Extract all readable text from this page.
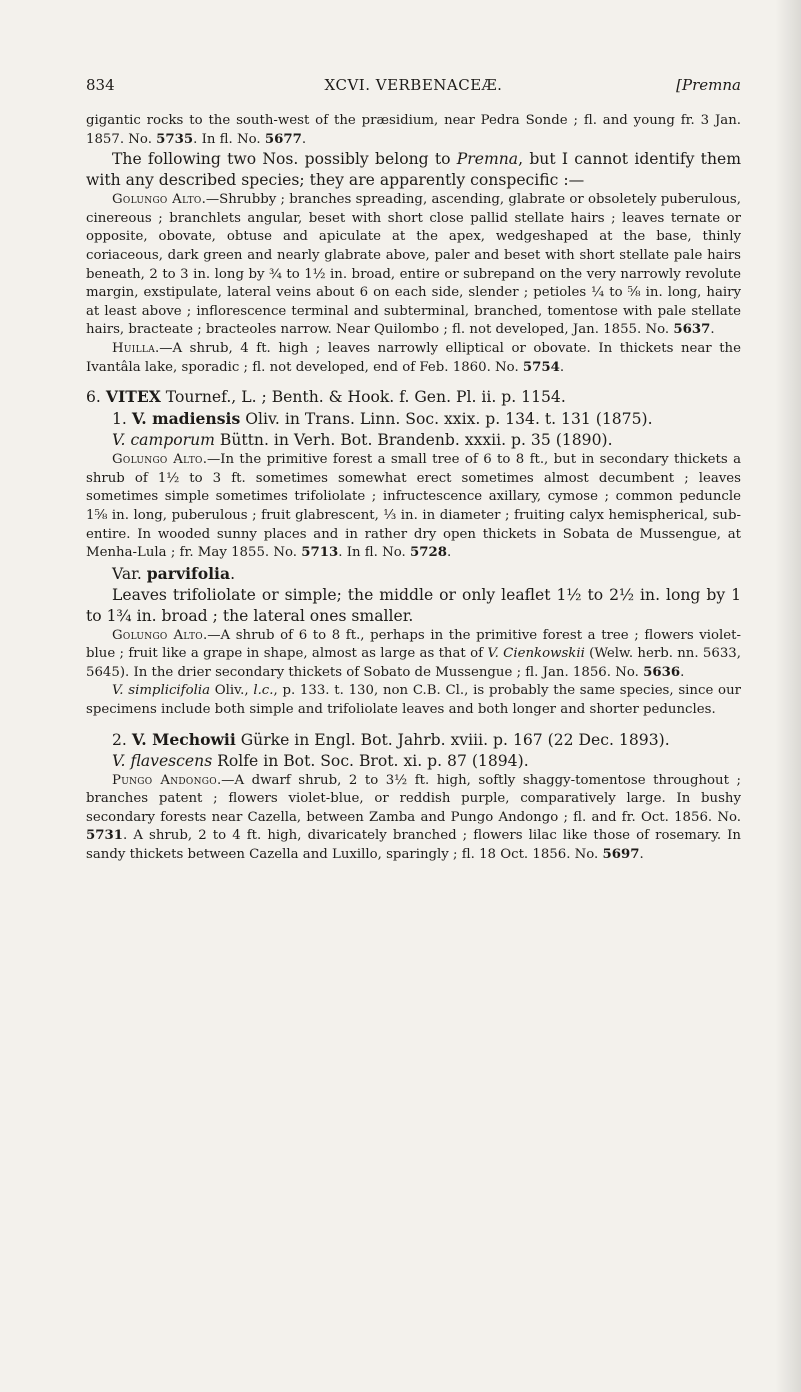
834	XCVI. VERBENACEÆ.	[Premna

gigantic rocks to the south-west of the præsidium, near Pedra Sonde ; fl. and young fr. 3 Jan. 1857. No. 5735. In fl. No. 5677.

The following two Nos. possibly belong to Premna, but I cannot identify them with any described species; they are apparently conspecific :—

Golungo Alto.—Shrubby ; branches spreading, ascending, glabrate or obsoletely puberulous, cinereous ; branchlets angular, beset with short close pallid stellate hairs ; leaves ternate or opposite, obovate, obtuse and apiculate at the apex, wedgeshaped at the base, thinly coriaceous, dark green and nearly glabrate above, paler and beset with short stellate pale hairs beneath, 2 to 3 in. long by ¾ to 1½ in. broad, entire or subrepand on the very narrowly revolute margin, exstipulate, lateral veins about 6 on each side, slender ; petioles ¼ to ⅝ in. long, hairy at least above ; inflorescence terminal and subterminal, branched, tomentose with pale stellate hairs, bracteate ; bracteoles narrow. Near Quilombo ; fl. not developed, Jan. 1855. No. 5637.

Huilla.—A shrub, 4 ft. high ; leaves narrowly elliptical or obovate. In thickets near the Ivantâla lake, sporadic ; fl. not developed, end of Feb. 1860. No. 5754.

6. VITEX Tournef., L. ; Benth. & Hook. f. Gen. Pl. ii. p. 1154.

1. V. madiensis Oliv. in Trans. Linn. Soc. xxix. p. 134. t. 131 (1875).

V. camporum Büttn. in Verh. Bot. Brandenb. xxxii. p. 35 (1890).

Golungo Alto.—In the primitive forest a small tree of 6 to 8 ft., but in secondary thickets a shrub of 1½ to 3 ft. sometimes somewhat erect sometimes almost decumbent ; leaves sometimes simple sometimes trifoliolate ; infructescence axillary, cymose ; common peduncle 1⅝ in. long, puberulous ; fruit glabrescent, ⅓ in. in diameter ; fruiting calyx hemispherical, sub-entire. In wooded sunny places and in rather dry open thickets in Sobata de Mussengue, at Menha-Lula ; fr. May 1855. No. 5713. In fl. No. 5728.

Var. parvifolia.

Leaves trifoliolate or simple; the middle or only leaflet 1½ to 2½ in. long by 1 to 1¾ in. broad ; the lateral ones smaller.

Golungo Alto.—A shrub of 6 to 8 ft., perhaps in the primitive forest a tree ; flowers violet-blue ; fruit like a grape in shape, almost as large as that of V. Cienkowskii (Welw. herb. nn. 5633, 5645). In the drier secondary thickets of Sobato de Mussengue ; fl. Jan. 1856. No. 5636.

V. simplicifolia Oliv., l.c., p. 133. t. 130, non C.B. Cl., is probably the same species, since our specimens include both simple and trifoliolate leaves and both longer and shorter peduncles.

2. V. Mechowii Gürke in Engl. Bot. Jahrb. xviii. p. 167 (22 Dec. 1893).

V. flavescens Rolfe in Bot. Soc. Brot. xi. p. 87 (1894).

Pungo Andongo.—A dwarf shrub, 2 to 3½ ft. high, softly shaggy-tomentose throughout ; branches patent ; flowers violet-blue, or reddish purple, comparatively large. In bushy secondary forests near Cazella, between Zamba and Pungo Andongo ; fl. and fr. Oct. 1856. No. 5731. A shrub, 2 to 4 ft. high, divaricately branched ; flowers lilac like those of rosemary. In sandy thickets between Cazella and Luxillo, sparingly ; fl. 18 Oct. 1856. No. 5697.
